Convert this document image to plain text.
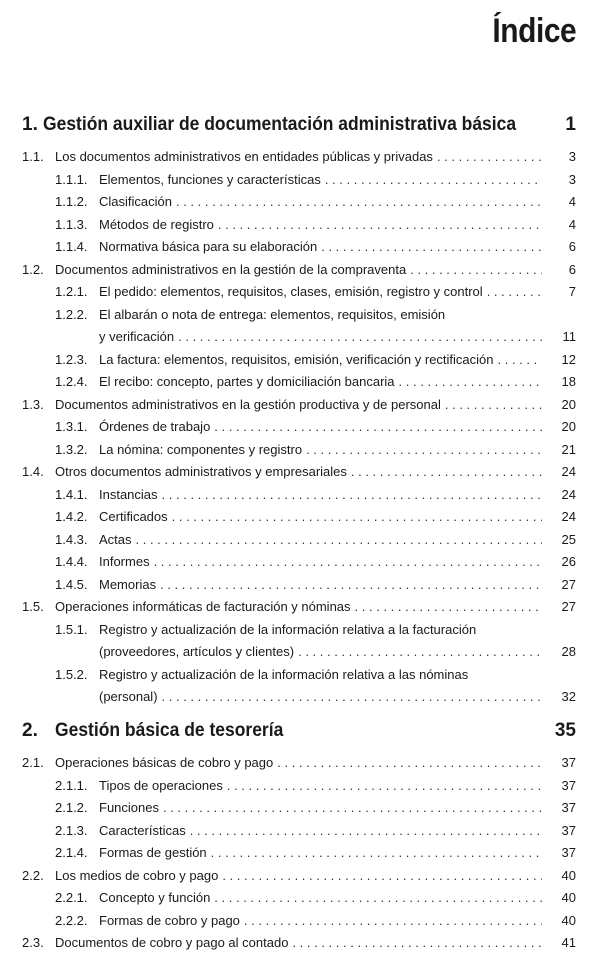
Índice
1. Gestión auxiliar de documentación administrativa básica	1
1.1. Los documentos administrativos en entidades públicas y privadas . . .	3
1.1.1. Elementos, funciones y características . . .	3
1.1.2. Clasificación . . .	4
1.1.3. Métodos de registro . . .	4
1.1.4. Normativa básica para su elaboración . . .	6
1.2. Documentos administrativos en la gestión de la compraventa . . .	6
1.2.1. El pedido: elementos, requisitos, clases, emisión, registro y control . . .	7
1.2.2. El albarán o nota de entrega: elementos, requisitos, emisión
y verificación . . .	11
1.2.3. La factura: elementos, requisitos, emisión, verificación y rectificación . . .	12
1.2.4. El recibo: concepto, partes y domiciliación bancaria . . .	18
1.3. Documentos administrativos en la gestión productiva y de personal . . .	20
1.3.1. Órdenes de trabajo . . .	20
1.3.2. La nómina: componentes y registro . . .	21
1.4. Otros documentos administrativos y empresariales . . .	24
1.4.1. Instancias . . .	24
1.4.2. Certificados . . .	24
1.4.3. Actas . . .	25
1.4.4. Informes . . .	26
1.4.5. Memorias . . .	27
1.5. Operaciones informáticas de facturación y nóminas . . .	27
1.5.1. Registro y actualización de la información relativa a la facturación
(proveedores, artículos y clientes) . . .	28
1.5.2. Registro y actualización de la información relativa a las nóminas
(personal) . . .	32
2. Gestión básica de tesorería	35
2.1. Operaciones básicas de cobro y pago . . .	37
2.1.1. Tipos de operaciones . . .	37
2.1.2. Funciones . . .	37
2.1.3. Características . . .	37
2.1.4. Formas de gestión . . .	37
2.2. Los medios de cobro y pago . . .	40
2.2.1. Concepto y función . . .	40
2.2.2. Formas de cobro y pago . . .	40
2.3. Documentos de cobro y pago al contado . . .	41
